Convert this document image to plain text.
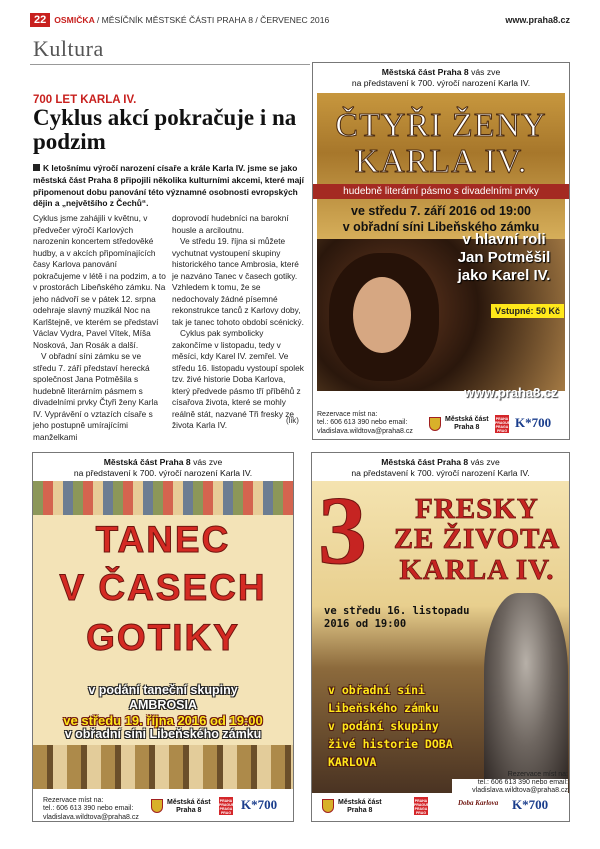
22 OSMIČKA / MĚSÍČNÍK MĚSTSKÉ ČÁSTI PRAHA 8 / ČERVENEC 2016	www.praha8.cz
Kultura
700 LET KARLA IV.
Cyklus akcí pokračuje i na podzim
K letošnímu výročí narození císaře a krále Karla IV. jsme se jako městská část Praha 8 připojili několika kulturními akcemi, které mají připomenout dobu panování této významné osobnosti evropských dějin a „největšího z Čechů“.

Cyklus jsme zahájili v květnu, v předvečer výročí Karlových narozenin koncertem středověké hudby, a v akcích připomínajících časy Karlova panování pokračujeme v létě i na podzim, a to v prostorách Libeňského zámku. Na jeho nádvoří se v pátek 12. srpna odehraje slavný muzikál Noc na Karlštejně, ve kterém se představí Václav Vydra, Pavel Vítek, Míša Nosková, Jan Rosák a další.

V obřadní síni zámku se ve středu 7. září představí herecká společnost Jana Potměšila s hudebně literárním pásmem s divadelními prvky Čtyři ženy Karla IV. Vyprávění o vztazích císaře s jeho postupně umírajícími manželkami

doprovodí hudebníci na barokní housle a arciloutnu.

Ve středu 19. října si můžete vychutnat vystoupení skupiny historického tance Ambrosia, které je nazváno Tanec v časech gotiky. Vzhledem k tomu, že se nedochovaly žádné písemné rekonstrukce tanců z Karlovy doby, tak je tanec tohoto období scénický.

Cyklus pak symbolicky zakončíme v listopadu, tedy v měsíci, kdy Karel IV. zemřel. Ve středu 16. listopadu vystoupí spolek tzv. živé historie Doba Karlova, který předvede pásmo tří příběhů z císařova života, které se mohly reálně stát, nazvané Tři fresky ze života Karla IV.	(lik)
Městská část Praha 8 vás zve
na představení k 700. výročí narození Karla IV.
ČTYŘI ŽENY
KARLA IV.
hudebně literární pásmo s divadelními prvky
ve středu 7. září 2016 od 19:00
v obřadní síni Libeňského zámku
v hlavní roli
Jan Potměšil
jako Karel IV.
Vstupné: 50 Kč
www.praha8.cz
Rezervace míst na:
tel.: 606 613 390 nebo email:
vladislava.wildtova@praha8.cz
Městská část
Praha 8
PRAHA PRAGUE PRAGA PRAG
K*700
Městská část Praha 8 vás zve
na představení k 700. výročí narození Karla IV.
TANEC
V ČASECH
GOTIKY
v podání taneční skupiny
AMBROSIA
ve středu 19. října 2016 od 19:00
v obřadní síni Libeňského zámku
Rezervace míst na:
tel.: 606 613 390 nebo email:
vladislava.wildtova@praha8.cz
Městská část
Praha 8
PRAHA PRAGUE PRAGA PRAG
K*700
Městská část Praha 8 vás zve
na představení k 700. výročí narození Karla IV.
3	FRESKY
ZE ŽIVOTA
KARLA IV.
ve středu 16. listopadu
2016 od 19:00
v obřadní síni
Libeňského zámku
v podání skupiny
živé historie DOBA
KARLOVA
Rezervace míst na:
tel.: 606 613 390 nebo email:
vladislava.wildtova@praha8.cz
Městská část
Praha 8
PRAHA PRAGUE PRAGA PRAG
Doba Karlova K*700
